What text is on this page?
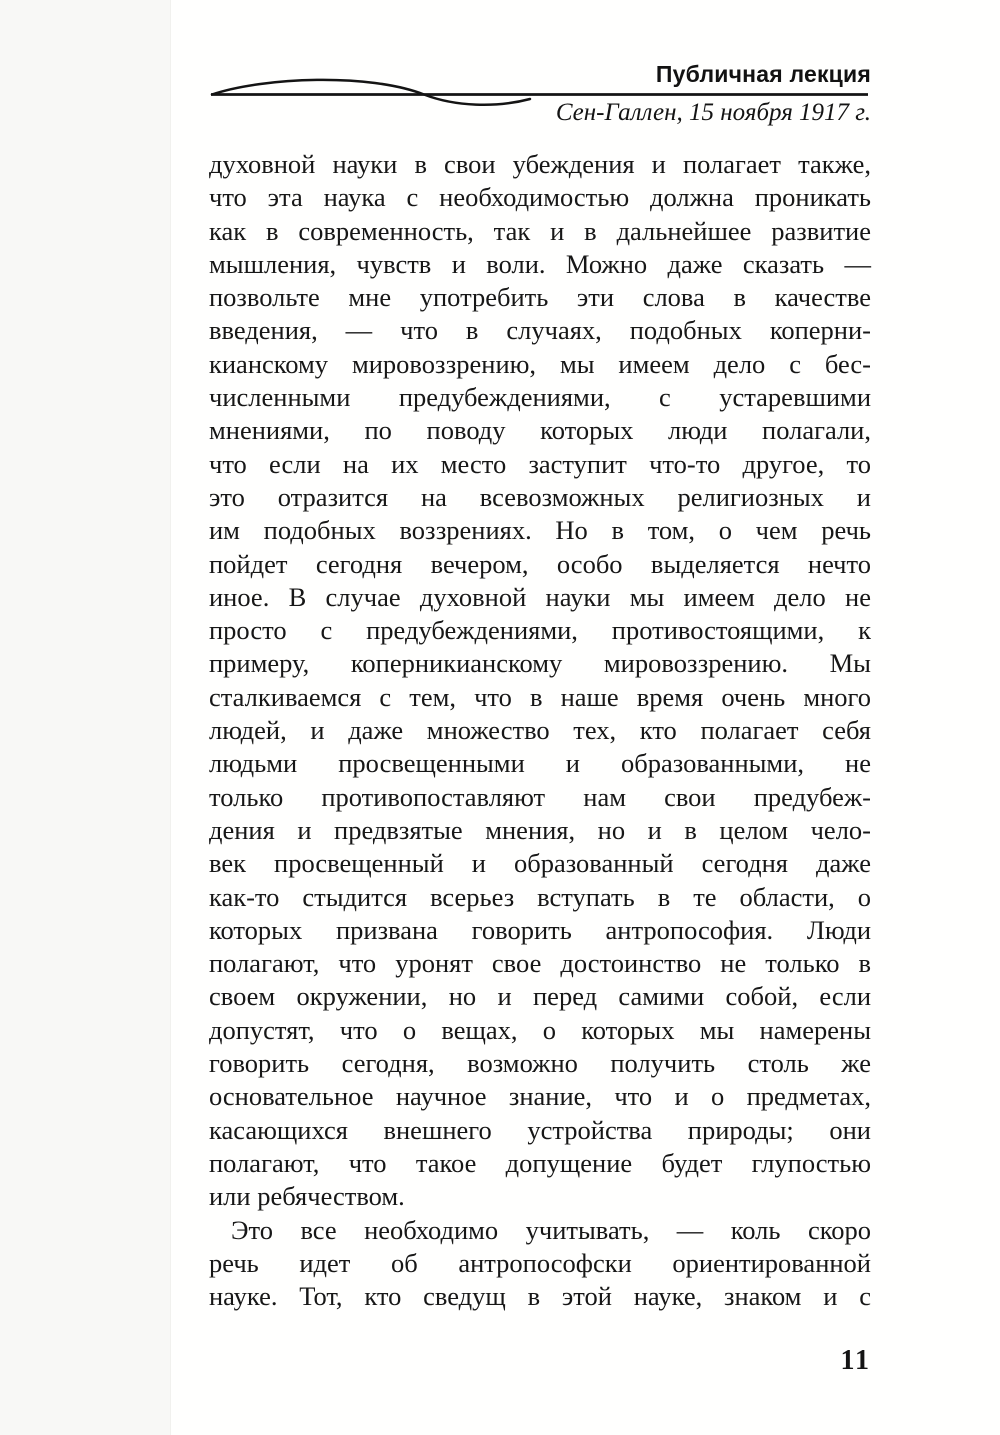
Публичная лекция
Сен-Галлен, 15 ноября 1917 г.
духовной науки в свои убеждения и полагает также,
что эта наука с необходимостью должна проникать
как в современность, так и в дальнейшее развитие
мышления, чувств и воли. Можно даже сказать —
позвольте мне употребить эти слова в качестве
введения, — что в случаях, подобных коперни-
кианскому мировоззрению, мы имеем дело с бес-
численными предубеждениями, с устаревшими
мнениями, по поводу которых люди полагали,
что если на их место заступит что-то другое, то
это отразится на всевозможных религиозных и
им подобных воззрениях. Но в том, о чем речь
пойдет сегодня вечером, особо выделяется нечто
иное. В случае духовной науки мы имеем дело не
просто с предубеждениями, противостоящими, к
примеру, коперникианскому мировоззрению. Мы
сталкиваемся с тем, что в наше время очень много
людей, и даже множество тех, кто полагает себя
людьми просвещенными и образованными, не
только противопоставляют нам свои предубеж-
дения и предвзятые мнения, но и в целом чело-
век просвещенный и образованный сегодня даже
как-то стыдится всерьез вступать в те области, о
которых призвана говорить антропософия. Люди
полагают, что уронят свое достоинство не только в
своем окружении, но и перед самими собой, если
допустят, что о вещах, о которых мы намерены
говорить сегодня, возможно получить столь же
основательное научное знание, что и о предметах,
касающихся внешнего устройства природы; они
полагают, что такое допущение будет глупостью
или ребячеством.
Это все необходимо учитывать, — коль скоро
речь идет об антропософски ориентированной
науке. Тот, кто сведущ в этой науке, знаком и с
11
